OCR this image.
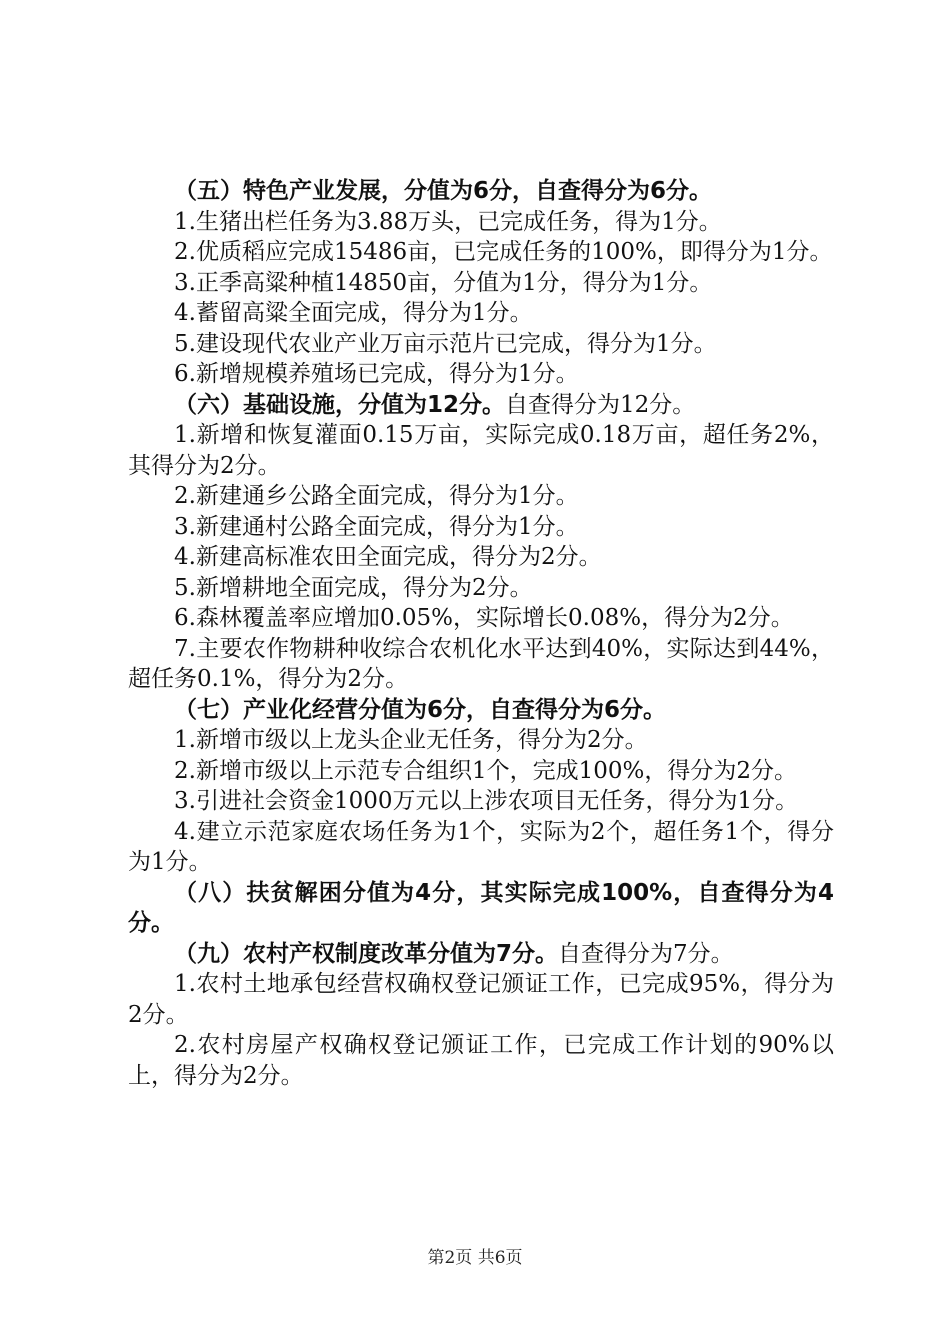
（五）特色产业发展，分值为6分，自查得分为6分。

1.生猪出栏任务为3.88万头，已完成任务，得为1分。

2.优质稻应完成15486亩，已完成任务的100%，即得分为1分。

3.正季高粱种植14850亩，分值为1分，得分为1分。

4.蓄留高粱全面完成，得分为1分。

5.建设现代农业产业万亩示范片已完成，得分为1分。

6.新增规模养殖场已完成，得分为1分。

（六）基础设施，分值为12分。自查得分为12分。

1.新增和恢复灌面0.15万亩，实际完成0.18万亩，超任务2%，其得分为2分。

2.新建通乡公路全面完成，得分为1分。

3.新建通村公路全面完成，得分为1分。

4.新建高标准农田全面完成，得分为2分。

5.新增耕地全面完成，得分为2分。

6.森林覆盖率应增加0.05%，实际增长0.08%，得分为2分。

7.主要农作物耕种收综合农机化水平达到40%，实际达到44%，超任务0.1%，得分为2分。

（七）产业化经营分值为6分，自查得分为6分。

1.新增市级以上龙头企业无任务，得分为2分。

2.新增市级以上示范专合组织1个，完成100%，得分为2分。

3.引进社会资金1000万元以上涉农项目无任务，得分为1分。

4.建立示范家庭农场任务为1个，实际为2个，超任务1个，得分为1分。

（八）扶贫解困分值为4分，其实际完成100%，自查得分为4分。

（九）农村产权制度改革分值为7分。自查得分为7分。

1.农村土地承包经营权确权登记颁证工作，已完成95%，得分为2分。

2.农村房屋产权确权登记颁证工作，已完成工作计划的90%以上，得分为2分。

第2页 共6页
